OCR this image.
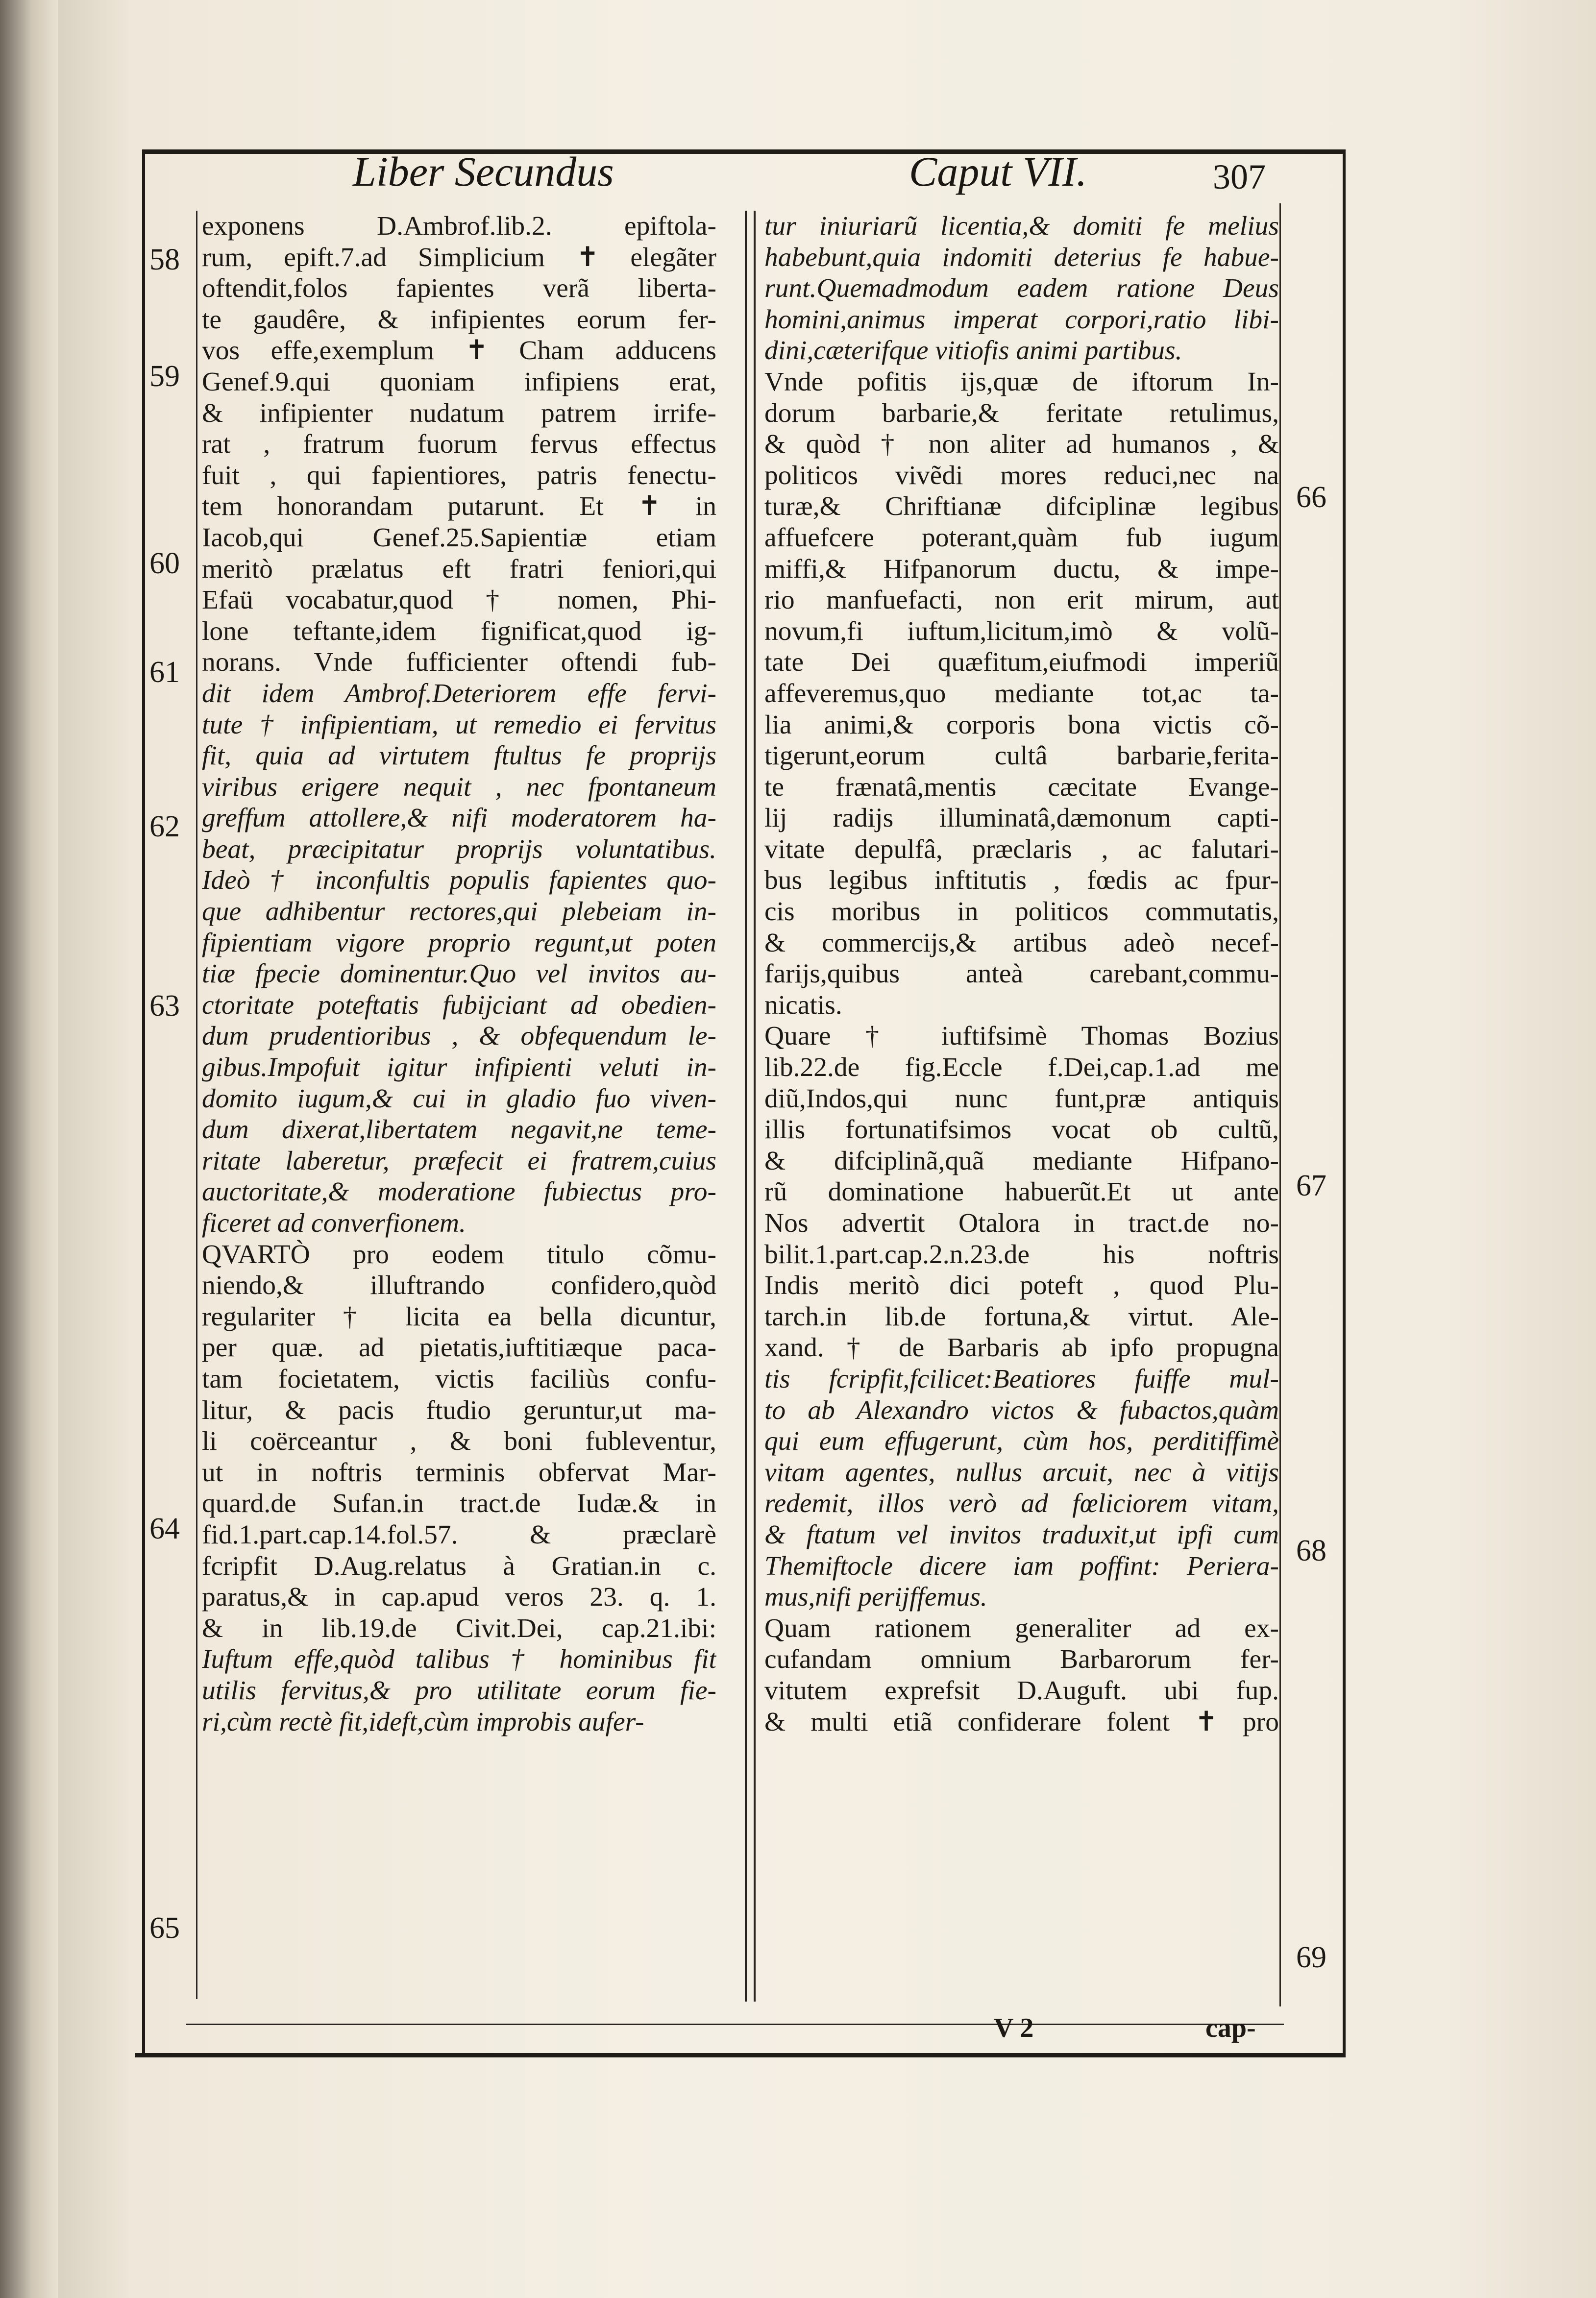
Liber Secundus	Caput VII.	307
exponens D.Ambrof.lib.2. epiftola-
rum, epift.7.ad Simplicium ✝ elegãter
oftendit,folos fapientes verã liberta-
te gaudêre, & infipientes eorum fer-
vos effe,exemplum ✝ Cham adducens
Genef.9.qui quoniam infipiens erat,
& infipienter nudatum patrem irrife-
rat , fratrum fuorum fervus effectus
fuit , qui fapientiores, patris fenectu-
tem honorandam putarunt. Et ✝ in
Iacob,qui Genef.25.Sapientiæ etiam
meritò prælatus eft fratri feniori,qui
Efaü vocabatur,quod † nomen, Phi-
lone teftante,idem fignificat,quod ig-
norans. Vnde fufficienter oftendi fub-
dit idem Ambrof.Deteriorem effe fervi-
tute † infipientiam, ut remedio ei fervitus
fit, quia ad virtutem ftultus fe proprijs
viribus erigere nequit , nec fpontaneum
greffum attollere,& nifi moderatorem ha-
beat, præcipitatur proprijs voluntatibus.
Ideò † inconfultis populis fapientes quo-
que adhibentur rectores,qui plebeiam in-
fipientiam vigore proprio regunt,ut poten
tiæ fpecie dominentur.Quo vel invitos au-
ctoritate poteftatis fubijciant ad obedien-
dum prudentioribus , & obfequendum le-
gibus.Impofuit igitur infipienti veluti in-
domito iugum,& cui in gladio fuo viven-
dum dixerat,libertatem negavit,ne teme-
ritate laberetur, præfecit ei fratrem,cuius
auctoritate,& moderatione fubiectus pro-
ficeret ad converfionem.
QVARTÒ pro eodem titulo cõmu-
niendo,& illuftrando confidero,quòd
regulariter † licita ea bella dicuntur,
per quæ. ad pietatis,iuftitiæque paca-
tam focietatem, victis faciliùs confu-
litur, & pacis ftudio geruntur,ut ma-
li coërceantur , & boni fubleventur,
ut in noftris terminis obfervat Mar-
quard.de Sufan.in tract.de Iudæ.& in
fid.1.part.cap.14.fol.57. & præclarè
fcripfit D.Aug.relatus à Gratian.in c.
paratus,& in cap.apud veros 23. q. 1.
& in lib.19.de Civit.Dei, cap.21.ibi:
Iuftum effe,quòd talibus † hominibus fit
utilis fervitus,& pro utilitate eorum fie-
ri,cùm rectè fit,ideft,cùm improbis aufer-
tur iniuriarũ licentia,& domiti fe melius
habebunt,quia indomiti deterius fe habue-
runt.Quemadmodum eadem ratione Deus
homini,animus imperat corpori,ratio libi-
dini,cæterifque vitiofis animi partibus.
Vnde pofitis ijs,quæ de iftorum In-
dorum barbarie,& feritate retulimus,
& quòd † non aliter ad humanos , &
politicos vivẽdi mores reduci,nec na
turæ,& Chriftianæ difciplinæ legibus
affuefcere poterant,quàm fub iugum
miffi,& Hifpanorum ductu, & impe-
rio manfuefacti, non erit mirum, aut
novum,fi iuftum,licitum,imò & volũ-
tate Dei quæfitum,eiufmodi imperiũ
affeveremus,quo mediante tot,ac ta-
lia animi,& corporis bona victis cõ-
tigerunt,eorum cultâ barbarie,ferita-
te frænatâ,mentis cæcitate Evange-
lij radijs illuminatâ,dæmonum capti-
vitate depulfâ, præclaris , ac falutari-
bus legibus inftitutis , fœdis ac fpur-
cis moribus in politicos commutatis,
& commercijs,& artibus adeò necef-
farijs,quibus anteà carebant,commu-
nicatis.
Quare † iuftifsimè Thomas Bozius
lib.22.de fig.Eccle f.Dei,cap.1.ad me
diũ,Indos,qui nunc funt,præ antiquis
illis fortunatifsimos vocat ob cultũ,
& difciplinã,quã mediante Hifpano-
rũ dominatione habuerũt.Et ut ante
Nos advertit Otalora in tract.de no-
bilit.1.part.cap.2.n.23.de his noftris
Indis meritò dici poteft , quod Plu-
tarch.in lib.de fortuna,& virtut. Ale-
xand. † de Barbaris ab ipfo propugna
tis fcripfit,fcilicet:Beatiores fuiffe mul-
to ab Alexandro victos & fubactos,quàm
qui eum effugerunt, cùm hos, perditiffimè
vitam agentes, nullus arcuit, nec à vitijs
redemit, illos verò ad fœliciorem vitam,
& ftatum vel invitos traduxit,ut ipfi cum
Themiftocle dicere iam poffint: Periera-
mus,nifi perijffemus.
Quam rationem generaliter ad ex-
cufandam omnium Barbarorum fer-
vitutem exprefsit D.Auguft. ubi fup.
& multi etiã confiderare folent ✝ pro
58
59
60
61
62
63
64
65
66
67
68
69
V 2	cap-
